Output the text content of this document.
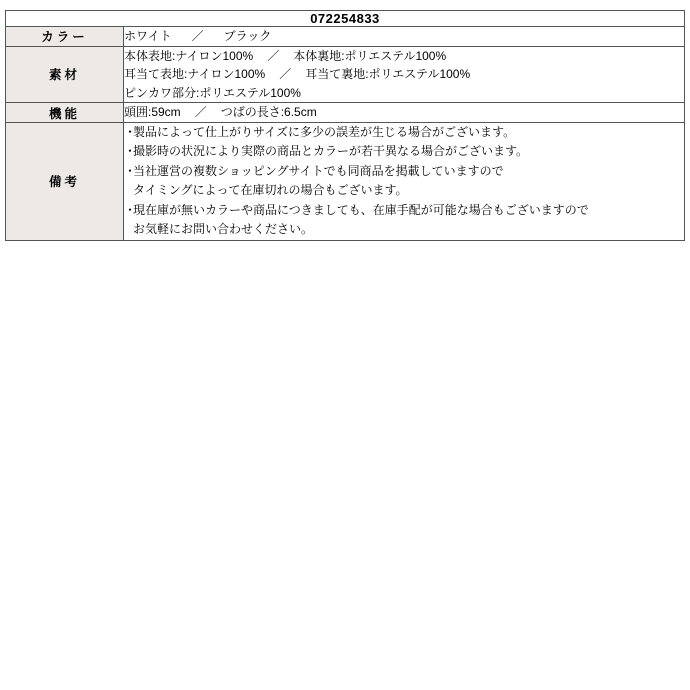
072254833	
カラー	ホワイト ／ ブラック

素材	本体表地:ナイロン100% ／ 本体裏地:ポリエステル100%
耳当て表地:ナイロン100% ／ 耳当て裏地:ポリエステル100%
ピンカワ部分:ポリエステル100%

機能	頭囲:59cm ／ つばの長さ:6.5cm

備考	
・製品によって仕上がりサイズに多少の誤差が生じる場合がございます。
・撮影時の状況により実際の商品とカラーが若干異なる場合がございます。
・当社運営の複数ショッピングサイトでも同商品を掲載していますので
タイミングによって在庫切れの場合もございます。
・現在庫が無いカラーや商品につきましても、在庫手配が可能な場合もございますので
お気軽にお問い合わせください。
